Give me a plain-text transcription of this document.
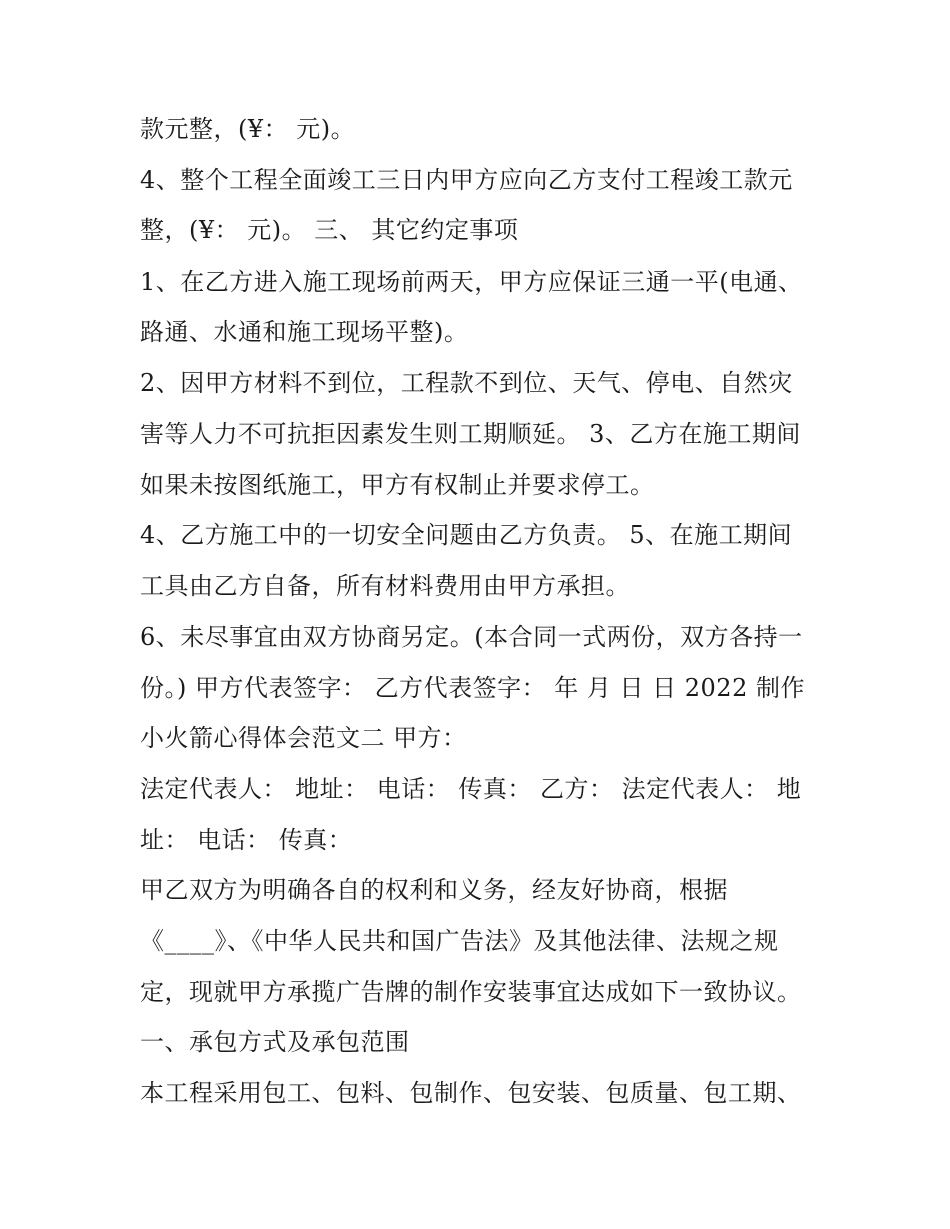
款元整，(¥： 元)。
4、整个工程全面竣工三日内甲方应向乙方支付工程竣工款元
整，(¥： 元)。 三、 其它约定事项
1、在乙方进入施工现场前两天，甲方应保证三通一平(电通、
路通、水通和施工现场平整)。
2、因甲方材料不到位，工程款不到位、天气、停电、自然灾
害等人力不可抗拒因素发生则工期顺延。 3、乙方在施工期间
如果未按图纸施工，甲方有权制止并要求停工。
4、乙方施工中的一切安全问题由乙方负责。 5、在施工期间
工具由乙方自备，所有材料费用由甲方承担。
6、未尽事宜由双方协商另定。(本合同一式两份，双方各持一
份。) 甲方代表签字： 乙方代表签字： 年 月 日 日 2022 制作
小火箭心得体会范文二 甲方：
法定代表人： 地址： 电话： 传真： 乙方： 法定代表人： 地
址： 电话： 传真：
甲乙双方为明确各自的权利和义务，经友好协商，根据
《____》、《中华人民共和国广告法》及其他法律、法规之规
定，现就甲方承揽广告牌的制作安装事宜达成如下一致协议。
一、承包方式及承包范围
本工程采用包工、包料、包制作、包安装、包质量、包工期、
